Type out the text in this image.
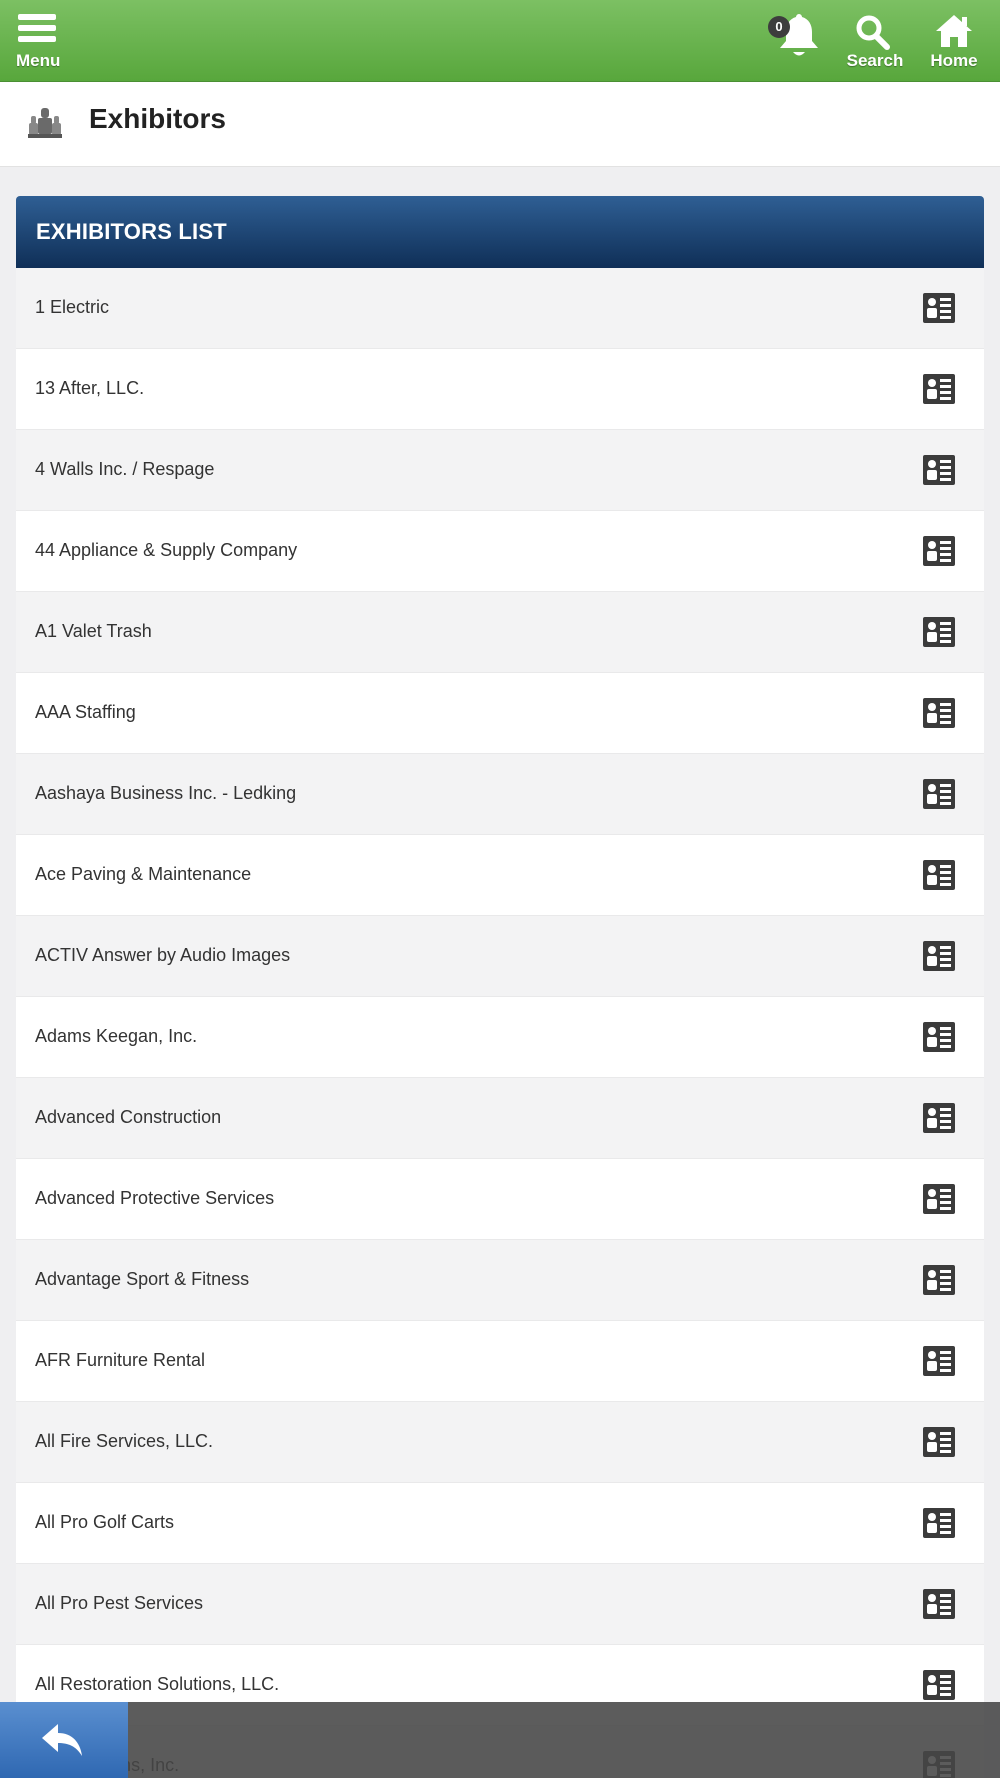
Menu
0
Search	Home
Exhibitors
EXHIBITORS LIST
1 Electric
13 After, LLC.
4 Walls Inc. / Respage
44 Appliance & Supply Company
A1 Valet Trash
AAA Staffing
Aashaya Business Inc. - Ledking
Ace Paving & Maintenance
ACTIV Answer by Audio Images
Adams Keegan, Inc.
Advanced Construction
Advanced Protective Services
Advantage Sport & Fitness
AFR Furniture Rental
All Fire Services, LLC.
All Pro Golf Carts
All Pro Pest Services
All Restoration Solutions, LLC.
